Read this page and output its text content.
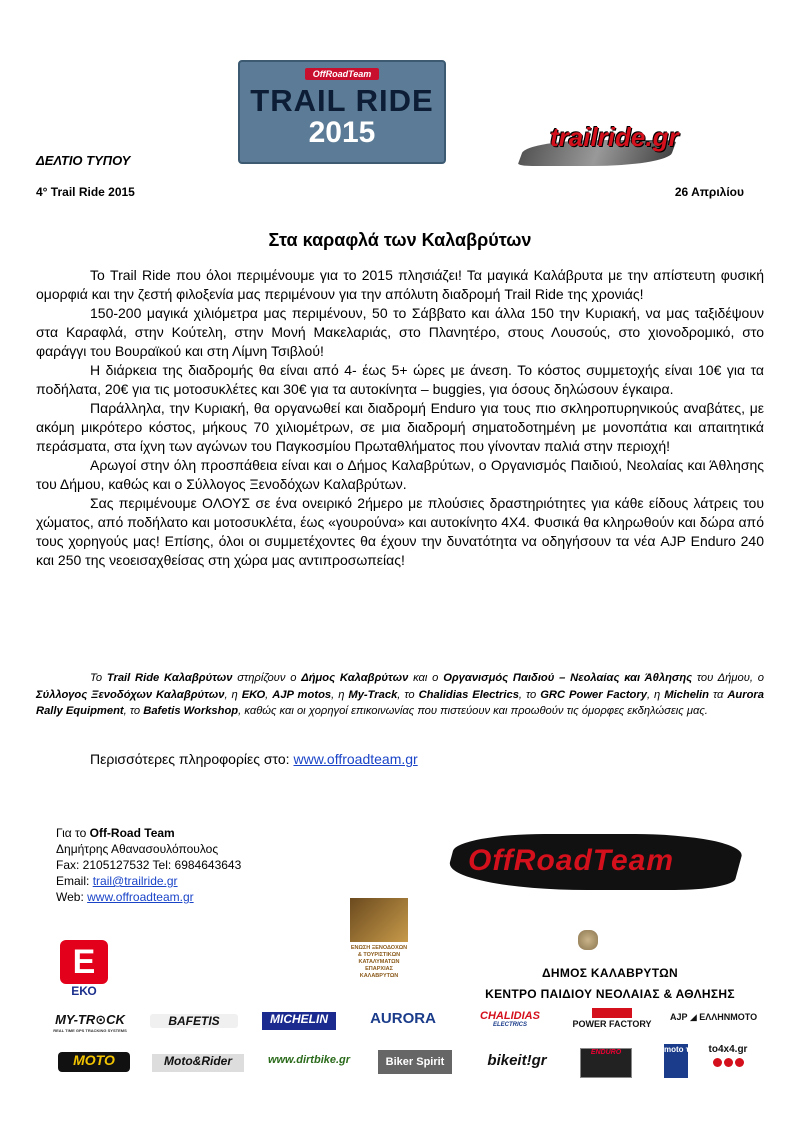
OffRoadTeam
TRAIL RIDE
2015	trailride.gr
ΔΕΛΤΙΟ ΤΥΠΟΥ
4° Trail Ride 2015	26 Απριλίου
Στα καραφλά των Καλαβρύτων

Το Trail Ride που όλοι περιμένουμε για το 2015 πλησιάζει! Τα μαγικά Καλάβρυτα με την απίστευτη φυσική ομορφιά και την ζεστή φιλοξενία μας περιμένουν για την απόλυτη διαδρομή Trail Ride της χρονιάς!

150-200 μαγικά χιλιόμετρα μας περιμένουν, 50 το Σάββατο και άλλα 150 την Κυριακή, να μας ταξιδέψουν στα Καραφλά, στην Κούτελη, στην Μονή Μακελαριάς, στο Πλανητέρο, στους Λουσούς, στο χιονοδρομικό, στο φαράγγι του Βουραϊκού και στη Λίμνη Τσιβλού!

Η διάρκεια της διαδρομής θα είναι από 4- έως 5+ ώρες με άνεση. Το κόστος συμμετοχής είναι 10€ για τα ποδήλατα, 20€ για τις μοτοσυκλέτες και 30€ για τα αυτοκίνητα – buggies, για όσους δηλώσουν έγκαιρα.

Παράλληλα, την Κυριακή, θα οργανωθεί και διαδρομή Enduro για τους πιο σκληροπυρηνικούς αναβάτες, με ακόμη μικρότερο κόστος, μήκους 70 χιλιομέτρων, σε μια διαδρομή σηματοδοτημένη με μονοπάτια και απαιτητικά περάσματα, στα ίχνη των αγώνων του Παγκοσμίου Πρωταθλήματος που γίνονταν παλιά στην περιοχή!

Αρωγοί στην όλη προσπάθεια είναι και ο Δήμος Καλαβρύτων, ο Οργανισμός Παιδιού, Νεολαίας και Άθλησης του Δήμου, καθώς και ο Σύλλογος Ξενοδόχων Καλαβρύτων.

Σας περιμένουμε ΟΛΟΥΣ σε ένα ονειρικό 2ήμερο με πλούσιες δραστηριότητες για κάθε είδους λάτρεις του χώματος, από ποδήλατο και μοτοσυκλέτα, έως «γουρούνα» και αυτοκίνητο 4Χ4. Φυσικά θα κληρωθούν και δώρα από τους χορηγούς μας! Επίσης, όλοι οι συμμετέχοντες θα έχουν την δυνατότητα να οδηγήσουν τα νέα AJP Enduro 240 και 250 της νεοεισαχθείσας στη χώρα μας αντιπροσωπείας!

Το Trail Ride Καλαβρύτων στηρίζουν ο Δήμος Καλαβρύτων και ο Οργανισμός Παιδιού – Νεολαίας και Άθλησης του Δήμου, ο Σύλλογος Ξενοδόχων Καλαβρύτων, η ΕΚΟ, AJP motos, η My-Track, το Chalidias Electrics, το GRC Power Factory, η Michelin τα Aurora Rally Equipment, το Bafetis Workshop, καθώς και οι χορηγοί επικοινωνίας που πιστεύουν και προωθούν τις όμορφες εκδηλώσεις μας.
Περισσότερες πληροφορίες στο: www.offroadteam.gr
Για το Off-Road Team
Δημήτρης Αθανασουλόπουλος
Fax: 2105127532 Tel: 6984643643
Email: trail@trailride.gr
Web: www.offroadteam.gr
OffRoadTeam
ΕΝΩΣΗ ΞΕΝΟΔΟΧΩΝ & ΤΟΥΡΙΣΤΙΚΩΝ ΚΑΤΑΛΥΜΑΤΩΝ ΕΠΑΡΧΙΑΣ ΚΑΛΑΒΡΥΤΩΝ
Ε
ΕΚΟ
ΔΗΜΟΣ ΚΑΛΑΒΡΥΤΩΝ
ΚΕΝΤΡΟ ΠΑΙΔΙΟΥ ΝΕΟΛΑΙΑΣ & ΑΘΛΗΣΗΣ
MY-TR⊙CK
REAL TIME GPS TRACKING SYSTEMS
BAFETIS	MICHELIN	AURORA	CHALIDIAS
ELECTRICS	POWER FACTORY
AJP ◢ ΕΛΛΗΝΜΟΤΟ
MOTO	Moto&Rider	www.dirtbike.gr	Biker Spirit	bikeit!gr	ENDURO	moto τρίτη to4x4.gr
